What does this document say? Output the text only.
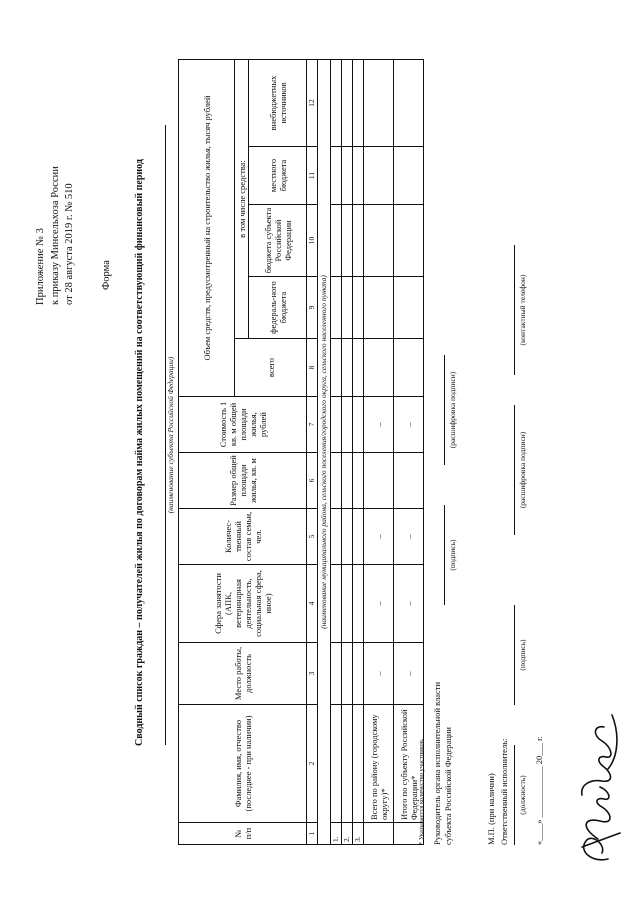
Приложение № 3 к приказу Минсельхоза России от 28 августа 2019 г. № 510 Форма Сводный список граждан – получателей жилья по договорам найма жилых помещений на соответствующий финансовый период	(наименование субъекта Российской Федерации)
№ п/п	Фамилия, имя, отчество (последнее - при наличии)	Место работы, должность	Сфера занятости (АПК, ветеринарная деятельность, социальная сфера, иное)	Количес-твенный состав семьи, чел.	Размер общей площади жилья, кв. м	Стоимость 1 кв. м общей площади жилья, рублей	Объем средств, предусмотренный на строительство жилья, тысяч рублей				
							всего	в том числе средства:			
								федераль-ного бюджета	бюджета субъекта Российской Федерации	местного бюджета	внебюджетных источников
1	2	3	4	5	6	7	8	9	10	11	12
(наименование муниципального района, сельского поселения/городского округа, сельского населенного пункта)											
1.											
2.											
3.											
	Всего по району (городскому округу)*	–	–	–		–					
	Итого по субъекту Российской Федерации*	–	–	–		–					
* Указывается количество участников. Руководитель органа исполнительной власти субъекта Российской Федерации
(подпись)
(расшифровка подписи)
М.П. (при наличии) Ответственный исполнитель: (должность)
(подпись)
(расшифровка подписи)
(контактный телефон)
«____» ____________ 20___ г.
